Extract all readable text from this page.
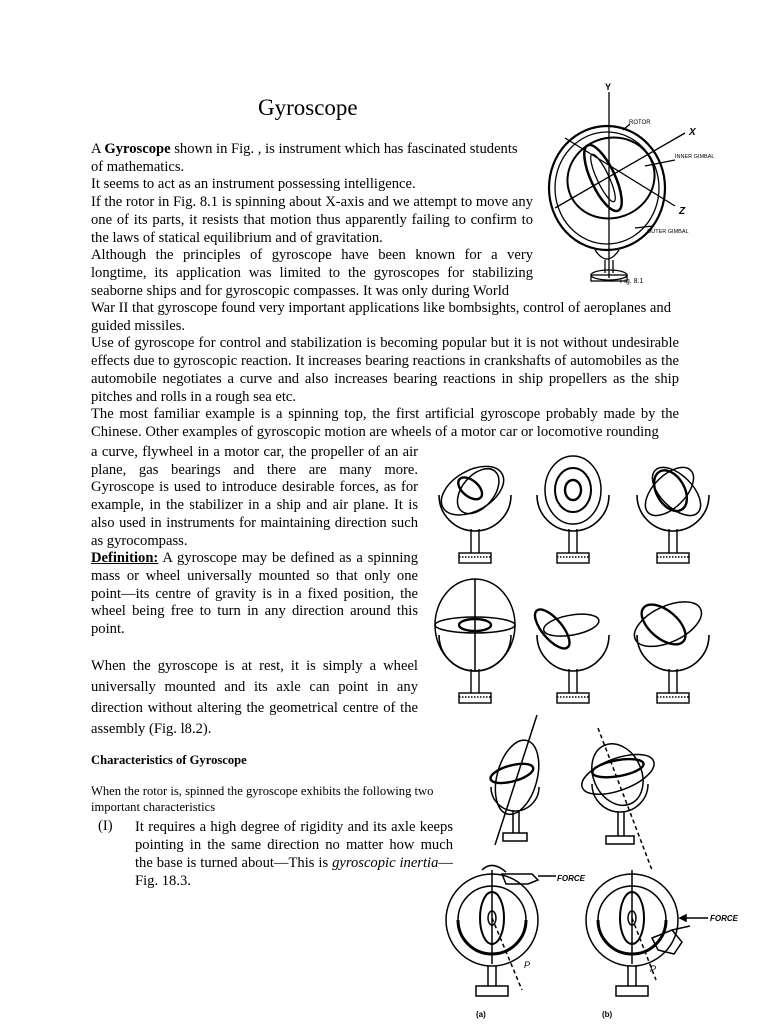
Gyroscope

A Gyroscope shown in Fig. , is instrument which has fascinated students of mathematics.

It seems to act as an instrument possessing intelligence.

If the rotor in Fig. 8.1 is spinning about X-axis and we attempt to move any one of its parts, it resists that motion thus apparently failing to confirm to the laws of statical equilibrium and of gravitation.

Although the principles of gyroscope have been known for a very longtime, its application was limited to the gyroscopes for stabilizing seaborne ships and for gyroscopic compasses. It was only during World

War II that gyroscope found very important applications like bombsights, control of aeroplanes and guided missiles.

Use of gyroscope for control and stabilization is becoming popular but it is not without undesirable effects due to gyroscopic reaction. It increases bearing reactions in crankshafts of automobiles as the automobile negotiates a curve and also increases bearing reactions in ship propellers as the ship pitches and rolls in a rough sea etc.

The most familiar example is a spinning top, the first artificial gyroscope probably made by the Chinese. Other examples of gyroscopic motion are wheels of a motor car or locomotive rounding

a curve, flywheel in a motor car, the propeller of an air plane, gas bearings and there are many more. Gyroscope is used to introduce desirable forces, as for example, in the stabilizer in a ship and air plane. It is also used in instruments for maintaining direction such as gyrocompass.

Definition: A gyroscope may be defined as a spinning mass or wheel universally mounted so that only one point—its centre of gravity is in a fixed position, the wheel being free to turn in any direction around this point.

When the gyroscope is at rest, it is simply a wheel universally mounted and its axle can point in any direction without altering the geometrical centre of the assembly (Fig. l8.2).

Characteristics of Gyroscope
When the rotor is, spinned the gyroscope exhibits the following two important characteristics
(I) It requires a high degree of rigidity and its axle keeps pointing in the same direction no matter how much the base is turned about—This is gyroscopic inertia—Fig. 18.3.

Y
X
Z
ROTOR
INNER GIMBAL
OUTER GIMBAL
Fig. 8.1
FORCE
FORCE
P	P
(a)	(b)
